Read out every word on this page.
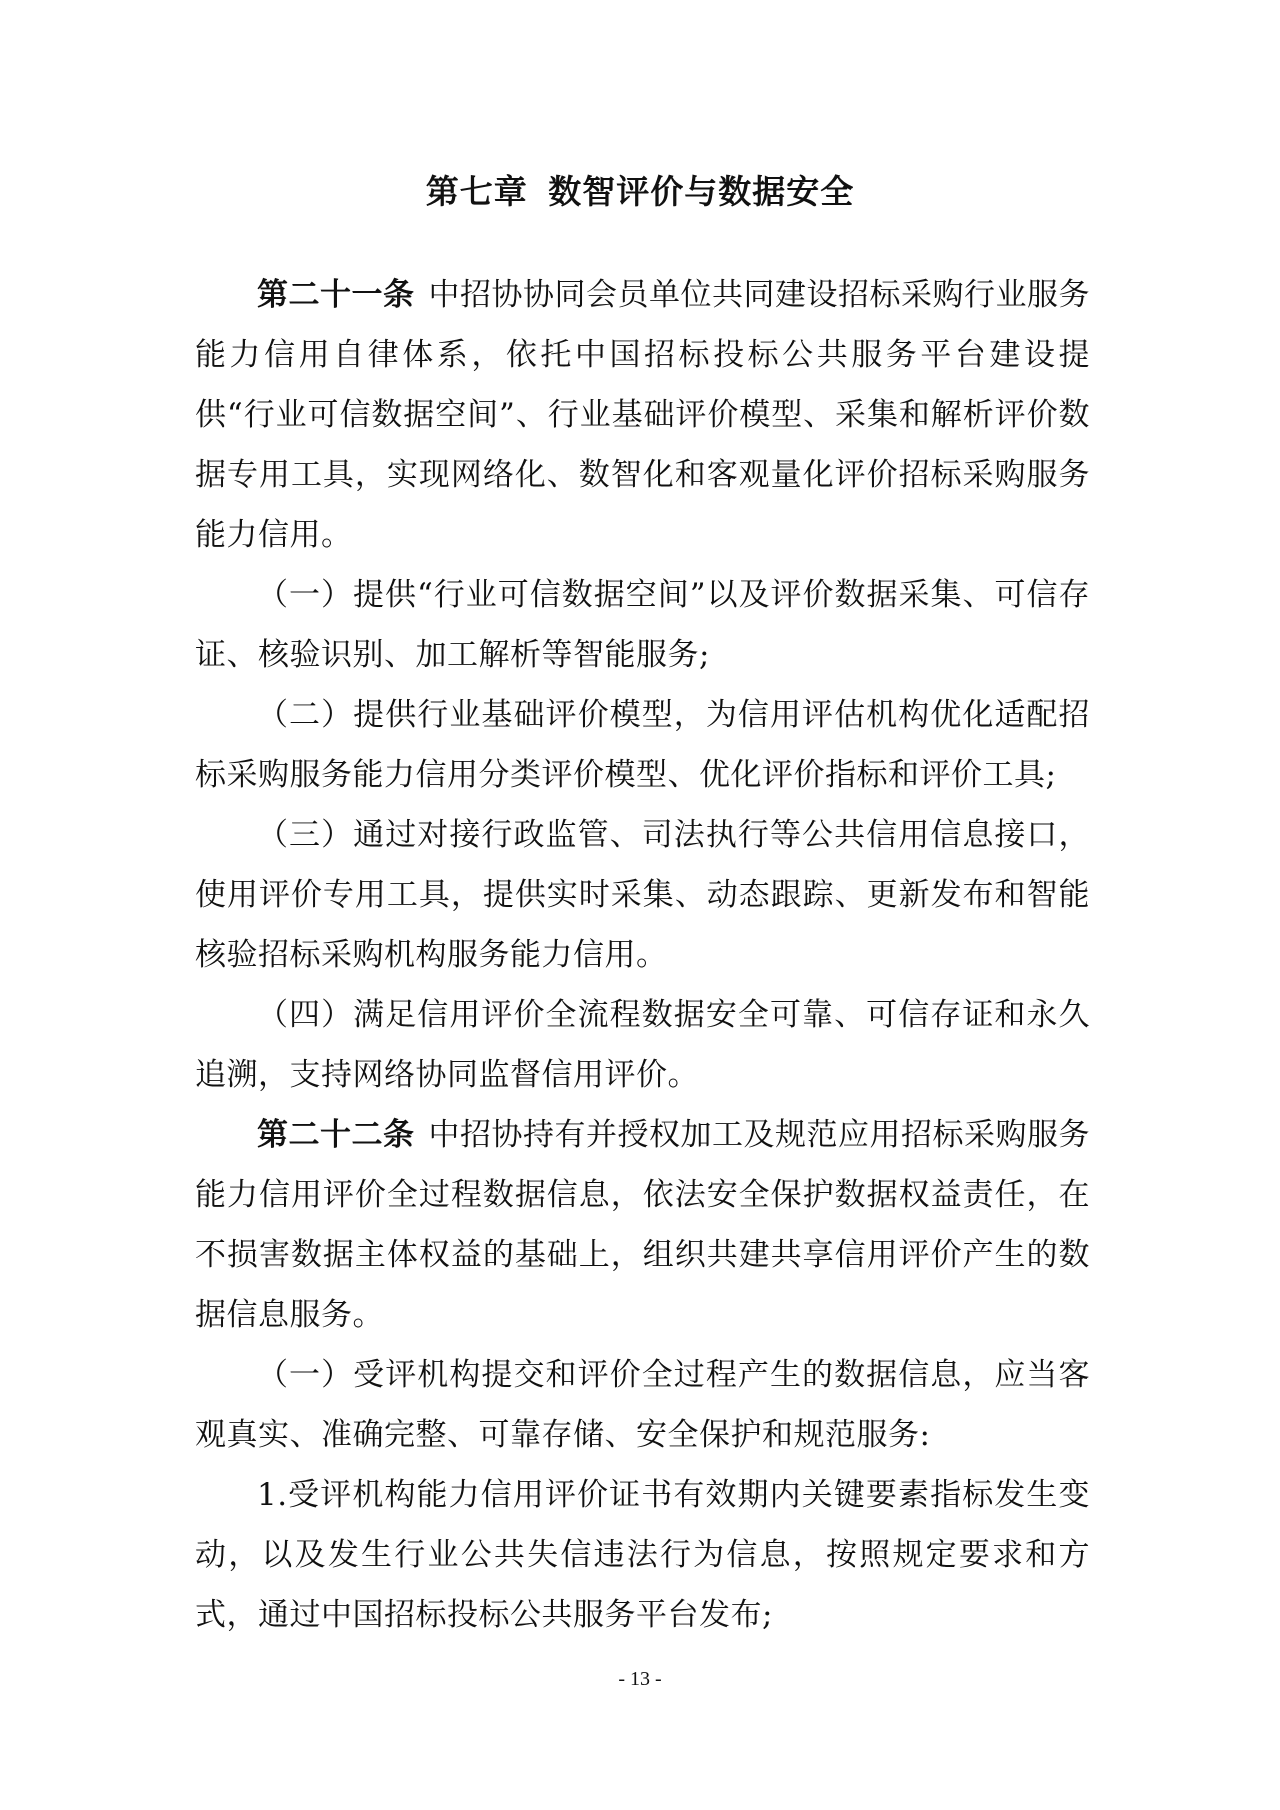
第七章 数智评价与数据安全

第二十一条 中招协协同会员单位共同建设招标采购行业服务能力信用自律体系，依托中国招标投标公共服务平台建设提供“行业可信数据空间”、行业基础评价模型、采集和解析评价数据专用工具，实现网络化、数智化和客观量化评价招标采购服务能力信用。

（一）提供“行业可信数据空间”以及评价数据采集、可信存证、核验识别、加工解析等智能服务;

（二）提供行业基础评价模型，为信用评估机构优化适配招标采购服务能力信用分类评价模型、优化评价指标和评价工具;

（三）通过对接行政监管、司法执行等公共信用信息接口，使用评价专用工具，提供实时采集、动态跟踪、更新发布和智能核验招标采购机构服务能力信用。

（四）满足信用评价全流程数据安全可靠、可信存证和永久追溯，支持网络协同监督信用评价。

第二十二条 中招协持有并授权加工及规范应用招标采购服务能力信用评价全过程数据信息，依法安全保护数据权益责任，在不损害数据主体权益的基础上，组织共建共享信用评价产生的数据信息服务。

（一）受评机构提交和评价全过程产生的数据信息，应当客观真实、准确完整、可靠存储、安全保护和规范服务:

1.受评机构能力信用评价证书有效期内关键要素指标发生变动，以及发生行业公共失信违法行为信息，按照规定要求和方式，通过中国招标投标公共服务平台发布;

- 13 -
